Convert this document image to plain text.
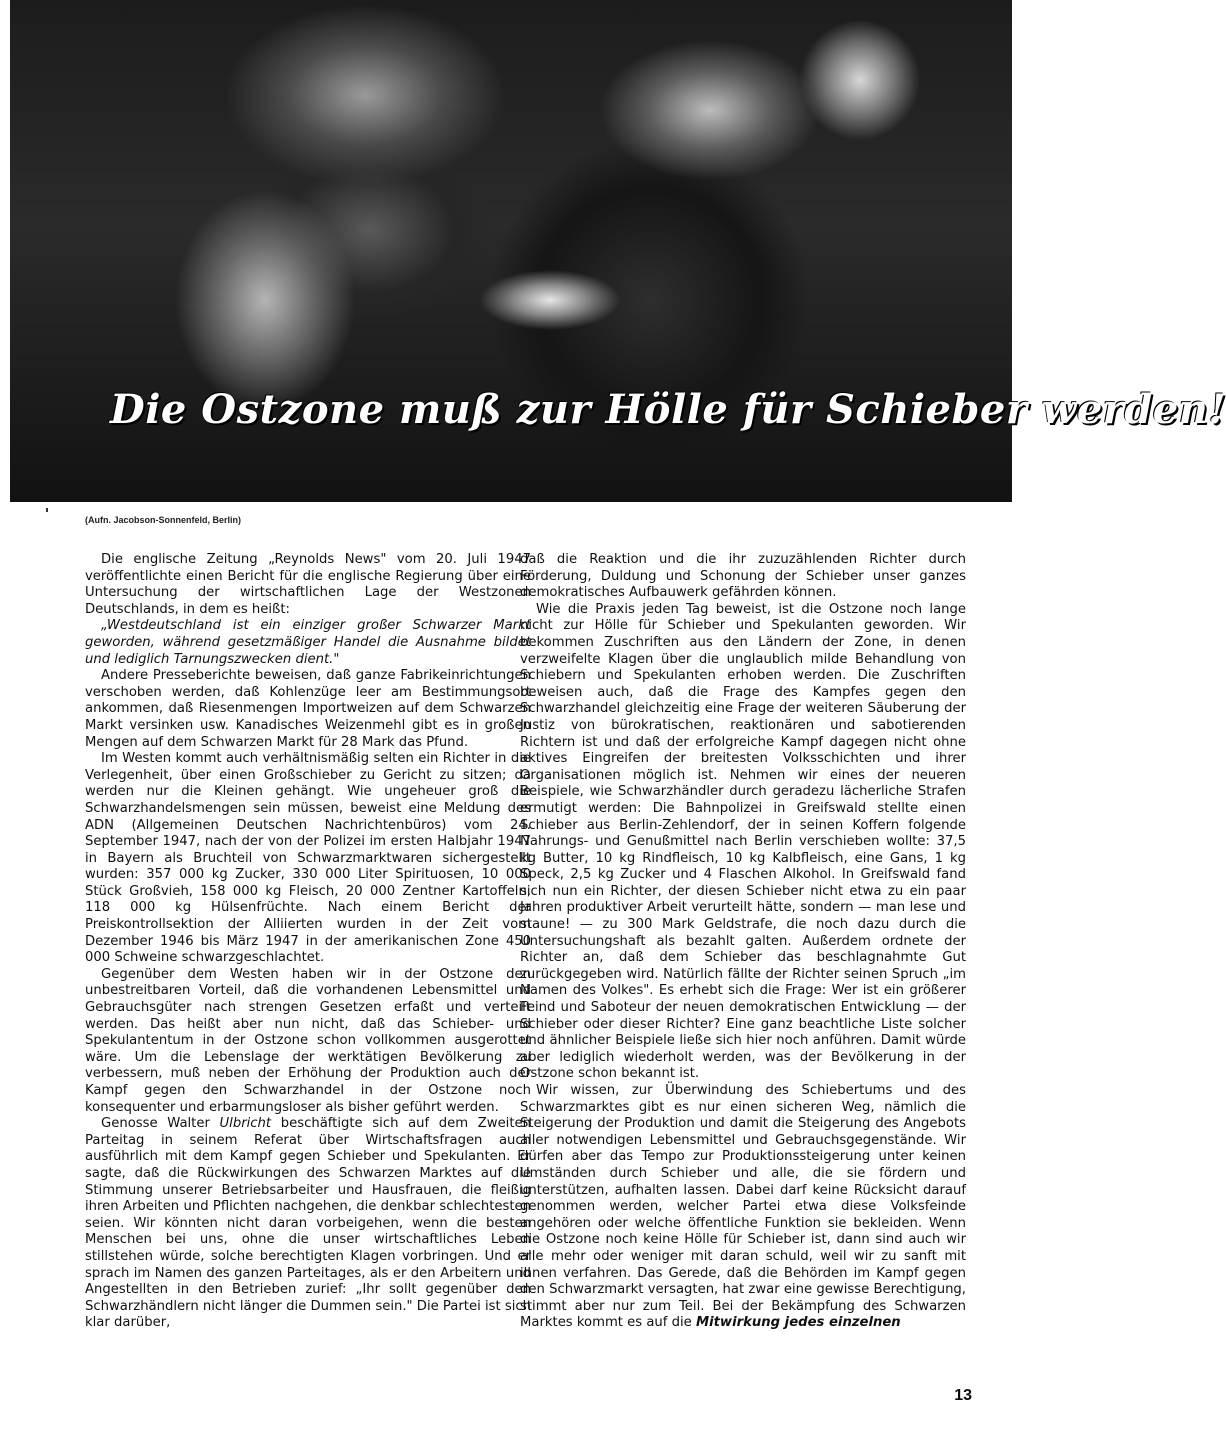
Die Ostzone muß zur Hölle für Schieber werden!
(Aufn. Jacobson-Sonnenfeld, Berlin)

Die englische Zeitung „Reynolds News" vom 20. Juli 1947 veröffentlichte einen Bericht für die englische Regierung über eine Untersuchung der wirtschaftlichen Lage der Westzonen Deutschlands, in dem es heißt:

„Westdeutschland ist ein einziger großer Schwarzer Markt geworden, während gesetzmäßiger Handel die Ausnahme bildet und lediglich Tarnungszwecken dient."

Andere Presseberichte beweisen, daß ganze Fabrikeinrichtungen verschoben werden, daß Kohlenzüge leer am Bestimmungsort ankommen, daß Riesenmengen Importweizen auf dem Schwarzen Markt versinken usw. Kanadisches Weizenmehl gibt es in großen Mengen auf dem Schwarzen Markt für 28 Mark das Pfund.

Im Westen kommt auch verhältnismäßig selten ein Richter in die Verlegenheit, über einen Großschieber zu Gericht zu sitzen; da werden nur die Kleinen gehängt. Wie ungeheuer groß die Schwarzhandelsmengen sein müssen, beweist eine Meldung des ADN (Allgemeinen Deutschen Nachrichtenbüros) vom 24. September 1947, nach der von der Polizei im ersten Halbjahr 1947 in Bayern als Bruchteil von Schwarzmarktwaren sichergestellt wurden: 357 000 kg Zucker, 330 000 Liter Spirituosen, 10 000 Stück Großvieh, 158 000 kg Fleisch, 20 000 Zentner Kartoffeln, 118 000 kg Hülsenfrüchte. Nach einem Bericht der Preiskontrollsektion der Alliierten wurden in der Zeit vom Dezember 1946 bis März 1947 in der amerikanischen Zone 450 000 Schweine schwarzgeschlachtet.

Gegenüber dem Westen haben wir in der Ostzone den unbestreitbaren Vorteil, daß die vorhandenen Lebensmittel und Gebrauchsgüter nach strengen Gesetzen erfaßt und verteilt werden. Das heißt aber nun nicht, daß das Schieber- und Spekulantentum in der Ostzone schon vollkommen ausgerottet wäre. Um die Lebenslage der werktätigen Bevölkerung zu verbessern, muß neben der Erhöhung der Produktion auch der Kampf gegen den Schwarzhandel in der Ostzone noch konsequenter und erbarmungsloser als bisher geführt werden.

Genosse Walter Ulbricht beschäftigte sich auf dem Zweiten Parteitag in seinem Referat über Wirtschaftsfragen auch ausführlich mit dem Kampf gegen Schieber und Spekulanten. Er sagte, daß die Rückwirkungen des Schwarzen Marktes auf die Stimmung unserer Betriebsarbeiter und Hausfrauen, die fleißig ihren Arbeiten und Pflichten nachgehen, die denkbar schlechtesten seien. Wir könnten nicht daran vorbeigehen, wenn die besten Menschen bei uns, ohne die unser wirtschaftliches Leben stillstehen würde, solche berechtigten Klagen vorbringen. Und er sprach im Namen des ganzen Parteitages, als er den Arbeitern und Angestellten in den Betrieben zurief: „Ihr sollt gegenüber den Schwarzhändlern nicht länger die Dummen sein." Die Partei ist sich klar darüber,

daß die Reaktion und die ihr zuzuzählenden Richter durch Förderung, Duldung und Schonung der Schieber unser ganzes demokratisches Aufbauwerk gefährden können.

Wie die Praxis jeden Tag beweist, ist die Ostzone noch lange nicht zur Hölle für Schieber und Spekulanten geworden. Wir bekommen Zuschriften aus den Ländern der Zone, in denen verzweifelte Klagen über die unglaublich milde Behandlung von Schiebern und Spekulanten erhoben werden. Die Zuschriften beweisen auch, daß die Frage des Kampfes gegen den Schwarzhandel gleichzeitig eine Frage der weiteren Säuberung der Justiz von bürokratischen, reaktionären und sabotierenden Richtern ist und daß der erfolgreiche Kampf dagegen nicht ohne aktives Eingreifen der breitesten Volksschichten und ihrer Organisationen möglich ist. Nehmen wir eines der neueren Beispiele, wie Schwarzhändler durch geradezu lächerliche Strafen ermutigt werden: Die Bahnpolizei in Greifswald stellte einen Schieber aus Berlin-Zehlendorf, der in seinen Koffern folgende Nahrungs- und Genußmittel nach Berlin verschieben wollte: 37,5 kg Butter, 10 kg Rindfleisch, 10 kg Kalbfleisch, eine Gans, 1 kg Speck, 2,5 kg Zucker und 4 Flaschen Alkohol. In Greifswald fand sich nun ein Richter, der diesen Schieber nicht etwa zu ein paar Jahren produktiver Arbeit verurteilt hätte, sondern — man lese und staune! — zu 300 Mark Geldstrafe, die noch dazu durch die Untersuchungshaft als bezahlt galten. Außerdem ordnete der Richter an, daß dem Schieber das beschlagnahmte Gut zurückgegeben wird. Natürlich fällte der Richter seinen Spruch „im Namen des Volkes". Es erhebt sich die Frage: Wer ist ein größerer Feind und Saboteur der neuen demokratischen Entwicklung — der Schieber oder dieser Richter? Eine ganz beachtliche Liste solcher und ähnlicher Beispiele ließe sich hier noch anführen. Damit würde aber lediglich wiederholt werden, was der Bevölkerung in der Ostzone schon bekannt ist.

Wir wissen, zur Überwindung des Schiebertums und des Schwarzmarktes gibt es nur einen sicheren Weg, nämlich die Steigerung der Produktion und damit die Steigerung des Angebots aller notwendigen Lebensmittel und Gebrauchsgegenstände. Wir dürfen aber das Tempo zur Produktionssteigerung unter keinen Umständen durch Schieber und alle, die sie fördern und unterstützen, aufhalten lassen. Dabei darf keine Rücksicht darauf genommen werden, welcher Partei etwa diese Volksfeinde angehören oder welche öffentliche Funktion sie bekleiden. Wenn die Ostzone noch keine Hölle für Schieber ist, dann sind auch wir alle mehr oder weniger mit daran schuld, weil wir zu sanft mit ihnen verfahren. Das Gerede, daß die Behörden im Kampf gegen den Schwarzmarkt versagten, hat zwar eine gewisse Berechtigung, stimmt aber nur zum Teil. Bei der Bekämpfung des Schwarzen Marktes kommt es auf die Mitwirkung jedes einzelnen

13
